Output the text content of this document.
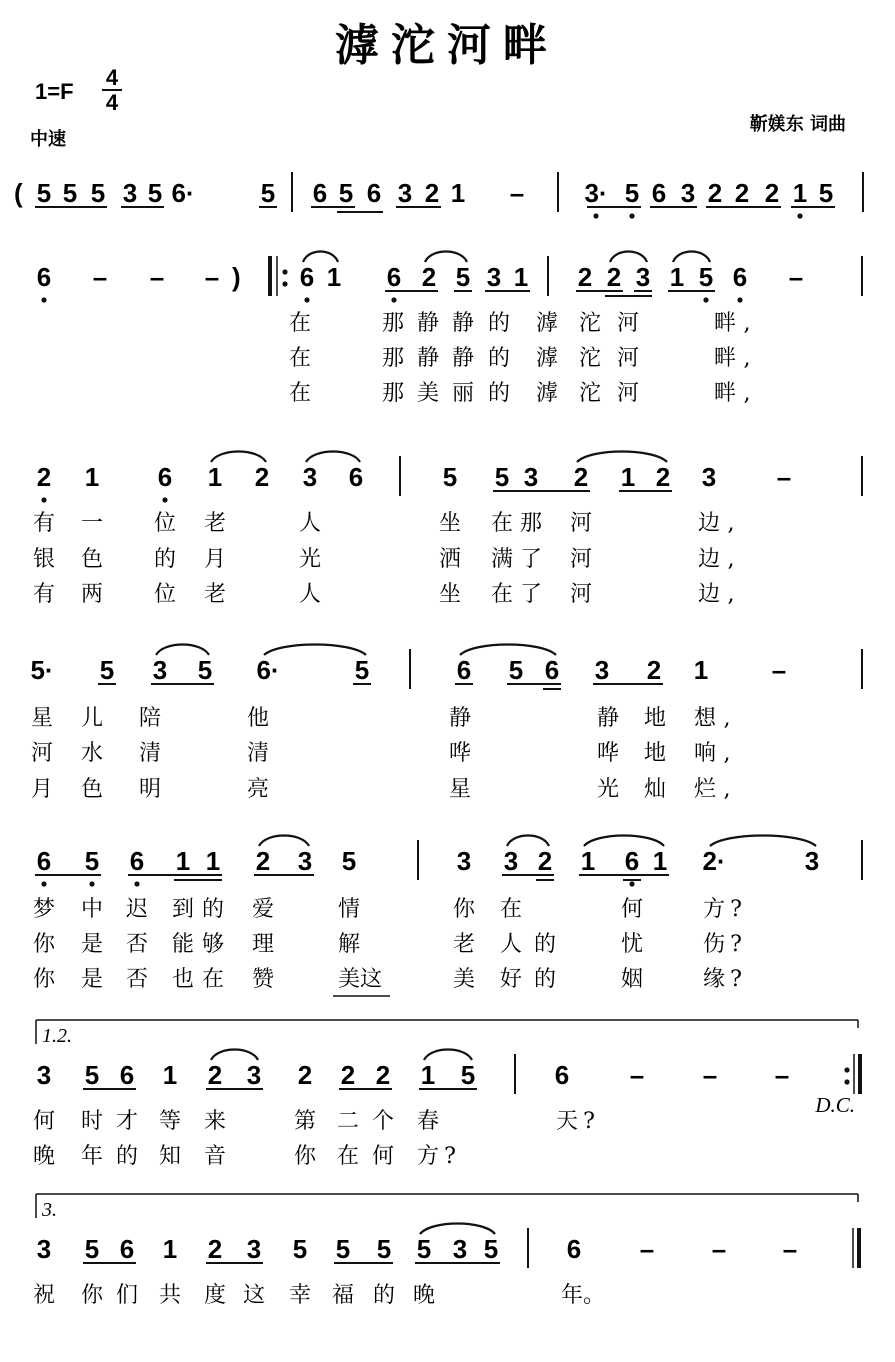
滹沱河畔
1=F
4
4
中速
靳媄东 词曲
5 5 5 3 5 6·	5 6 5 6 3 2 1 – 3· 5 6 3 2 2 2 1 5
(
6 – – –	6 1 6 2 5 3 1 2 2 3 1 5 6 –
)
在	那 静 静 的 滹 沱 河	畔 ,
在	那 静 静 的 滹 沱 河	畔 ,
在	那 美 丽 的 滹 沱 河	畔 ,
2 1 6 1 2 3 6	5 5 3 2 1 2 3 –
有 一 位 老	人	坐 在 那 河	边 ,
银 色 的 月	光	洒 满 了 河	边 ,
有 两 位 老	人	坐 在 了 河	边 ,
5· 5 3 5 6·	5	6 5 6 3 2 1 –
星 儿 陪	他	静	静 地 想 ,
河 水 清	清	哗	哗 地 响 ,
月 色 明	亮	星	光 灿 烂 ,
6 5 6 1 1 2 3 5	3 3 2 1 6 1 2·	3
梦 中 迟 到 的 爱	情	你 在	何	方 ?
你 是 否 能 够 理	解	老 人 的	忧	伤 ?
你 是 否 也 在 赞	美 这	美 好 的	姻	缘 ?
3 5 6 1 2 3 2 2 2 1 5	6 – – –
1.2.
D.C.
何 时 才 等 来	第 二 个 春	天 ?
晚 年 的 知 音	你 在 何 方 ?
3 5 6 1 2 3 5 5 5 5 3 5	6 – – –
3.
祝 你 们 共 度 这 幸 福 的 晚	年 。
